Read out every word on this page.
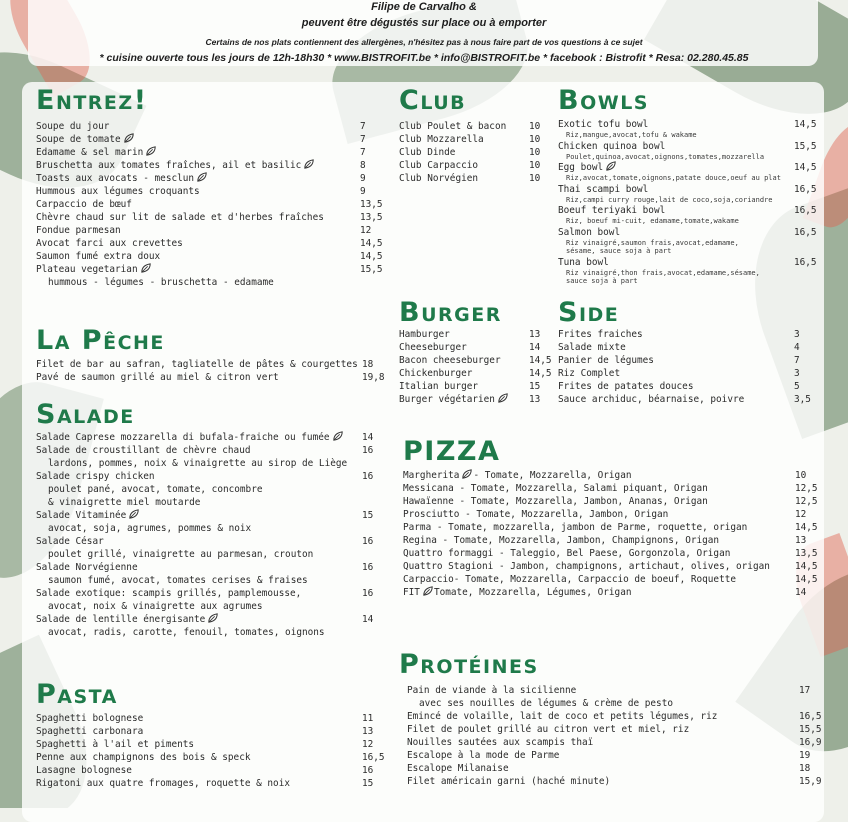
Filipe de Carvalho &
peuvent être dégustés sur place ou à emporter
Certains de nos plats contiennent des allergènes, n'hésitez pas à nous faire part de vos questions à ce sujet
* cuisine ouverte tous les jours de 12h-18h30 * www.BISTROFIT.be * info@BISTROFIT.be * facebook : Bistrofit * Resa: 02.280.45.85
Entrez!
Soupe du jour	7
Soupe de tomate	7
Edamame & sel marin	7
Bruschetta aux tomates fraîches, ail et basilic	8
Toasts aux avocats - mesclun	9
Hummous aux légumes croquants	9
Carpaccio de bœuf	13,5
Chèvre chaud sur lit de salade et d'herbes fraîches	13,5
Fondue parmesan	12
Avocat farci aux crevettes	14,5
Saumon fumé extra doux	14,5
Plateau vegetarian	15,5
hummous - légumes - bruschetta - edamame
La Pêche
Filet de bar au safran, tagliatelle de pâtes & courgettes 18
Pavé de saumon grillé au miel & citron vert	19,8
Salade
Salade Caprese mozzarella di bufala-fraiche ou fumée	14
Salade de croustillant de chèvre chaud	16
lardons, pommes, noix & vinaigrette au sirop de Liège
Salade crispy chicken	16
poulet pané, avocat, tomate, concombre
& vinaigrette miel moutarde
Salade Vitaminée	15
avocat, soja, agrumes, pommes & noix
Salade César	16
poulet grillé, vinaigrette au parmesan, crouton
Salade Norvégienne	16
saumon fumé, avocat, tomates cerises & fraises
Salade exotique: scampis grillés, pamplemousse,	16
avocat, noix & vinaigrette aux agrumes
Salade de lentille énergisante	14
avocat, radis, carotte, fenouil, tomates, oignons
Pasta
Spaghetti bolognese	11
Spaghetti carbonara	13
Spaghetti à l'ail et piments	12
Penne aux champignons des bois & speck	16,5
Lasagne bolognese	16
Rigatoni aux quatre fromages, roquette & noix	15
Club
Club Poulet & bacon 10
Club Mozzarella	10
Club Dinde	10
Club Carpaccio	10
Club Norvégien	10
Bowls
Exotic tofu bowl	14,5
Riz,mangue,avocat,tofu & wakame
Chicken quinoa bowl	15,5
Poulet,quinoa,avocat,oignons,tomates,mozzarella
Egg bowl	14,5
Riz,avocat,tomate,oignons,patate douce,oeuf au plat
Thai scampi bowl	16,5
Riz,campi curry rouge,lait de coco,soja,coriandre
Boeuf teriyaki bowl	16,5
Riz, boeuf mi-cuit, edamame,tomate,wakame
Salmon bowl	16,5
Riz vinaigré,saumon frais,avocat,edamame,
sésame, sauce soja à part
Tuna bowl	16,5
Riz vinaigré,thon frais,avocat,edamame,sésame,
sauce soja à part
Burger
Hamburger	13
Cheeseburger	14
Bacon cheeseburger	14,5
Chickenburger	14,5
Italian burger	15
Burger végétarien	13
Side
Frites fraiches	3
Salade mixte	4
Panier de légumes	7
Riz Complet	3
Frites de patates douces	5
Sauce archiduc, béarnaise, poivre	3,5
PIZZA
Margherita - Tomate, Mozzarella, Origan	10
Messicana - Tomate, Mozzarella, Salami piquant, Origan	12,5
Hawaïenne - Tomate, Mozzarella, Jambon, Ananas, Origan	12,5
Prosciutto - Tomate, Mozzarella, Jambon, Origan	12
Parma - Tomate, mozzarella, jambon de Parme, roquette, origan	14,5
Regina - Tomate, Mozzarella, Jambon, Champignons, Origan	13
Quattro formaggi - Taleggio, Bel Paese, Gorgonzola, Origan	13,5
Quattro Stagioni - Jambon, champignons, artichaut, olives, origan	14,5
Carpaccio- Tomate, Mozzarella, Carpaccio de boeuf, Roquette	14,5
FIT Tomate, Mozzarella, Légumes, Origan	14
Protéines
Pain de viande à la sicilienne	17
avec ses nouilles de légumes & crème de pesto
Emincé de volaille, lait de coco et petits légumes, riz	16,5
Filet de poulet grillé au citron vert et miel, riz	15,5
Nouilles sautées aux scampis thaï	16,9
Escalope à la mode de Parme	19
Escalope Milanaise	18
Filet américain garni (haché minute)	15,9
